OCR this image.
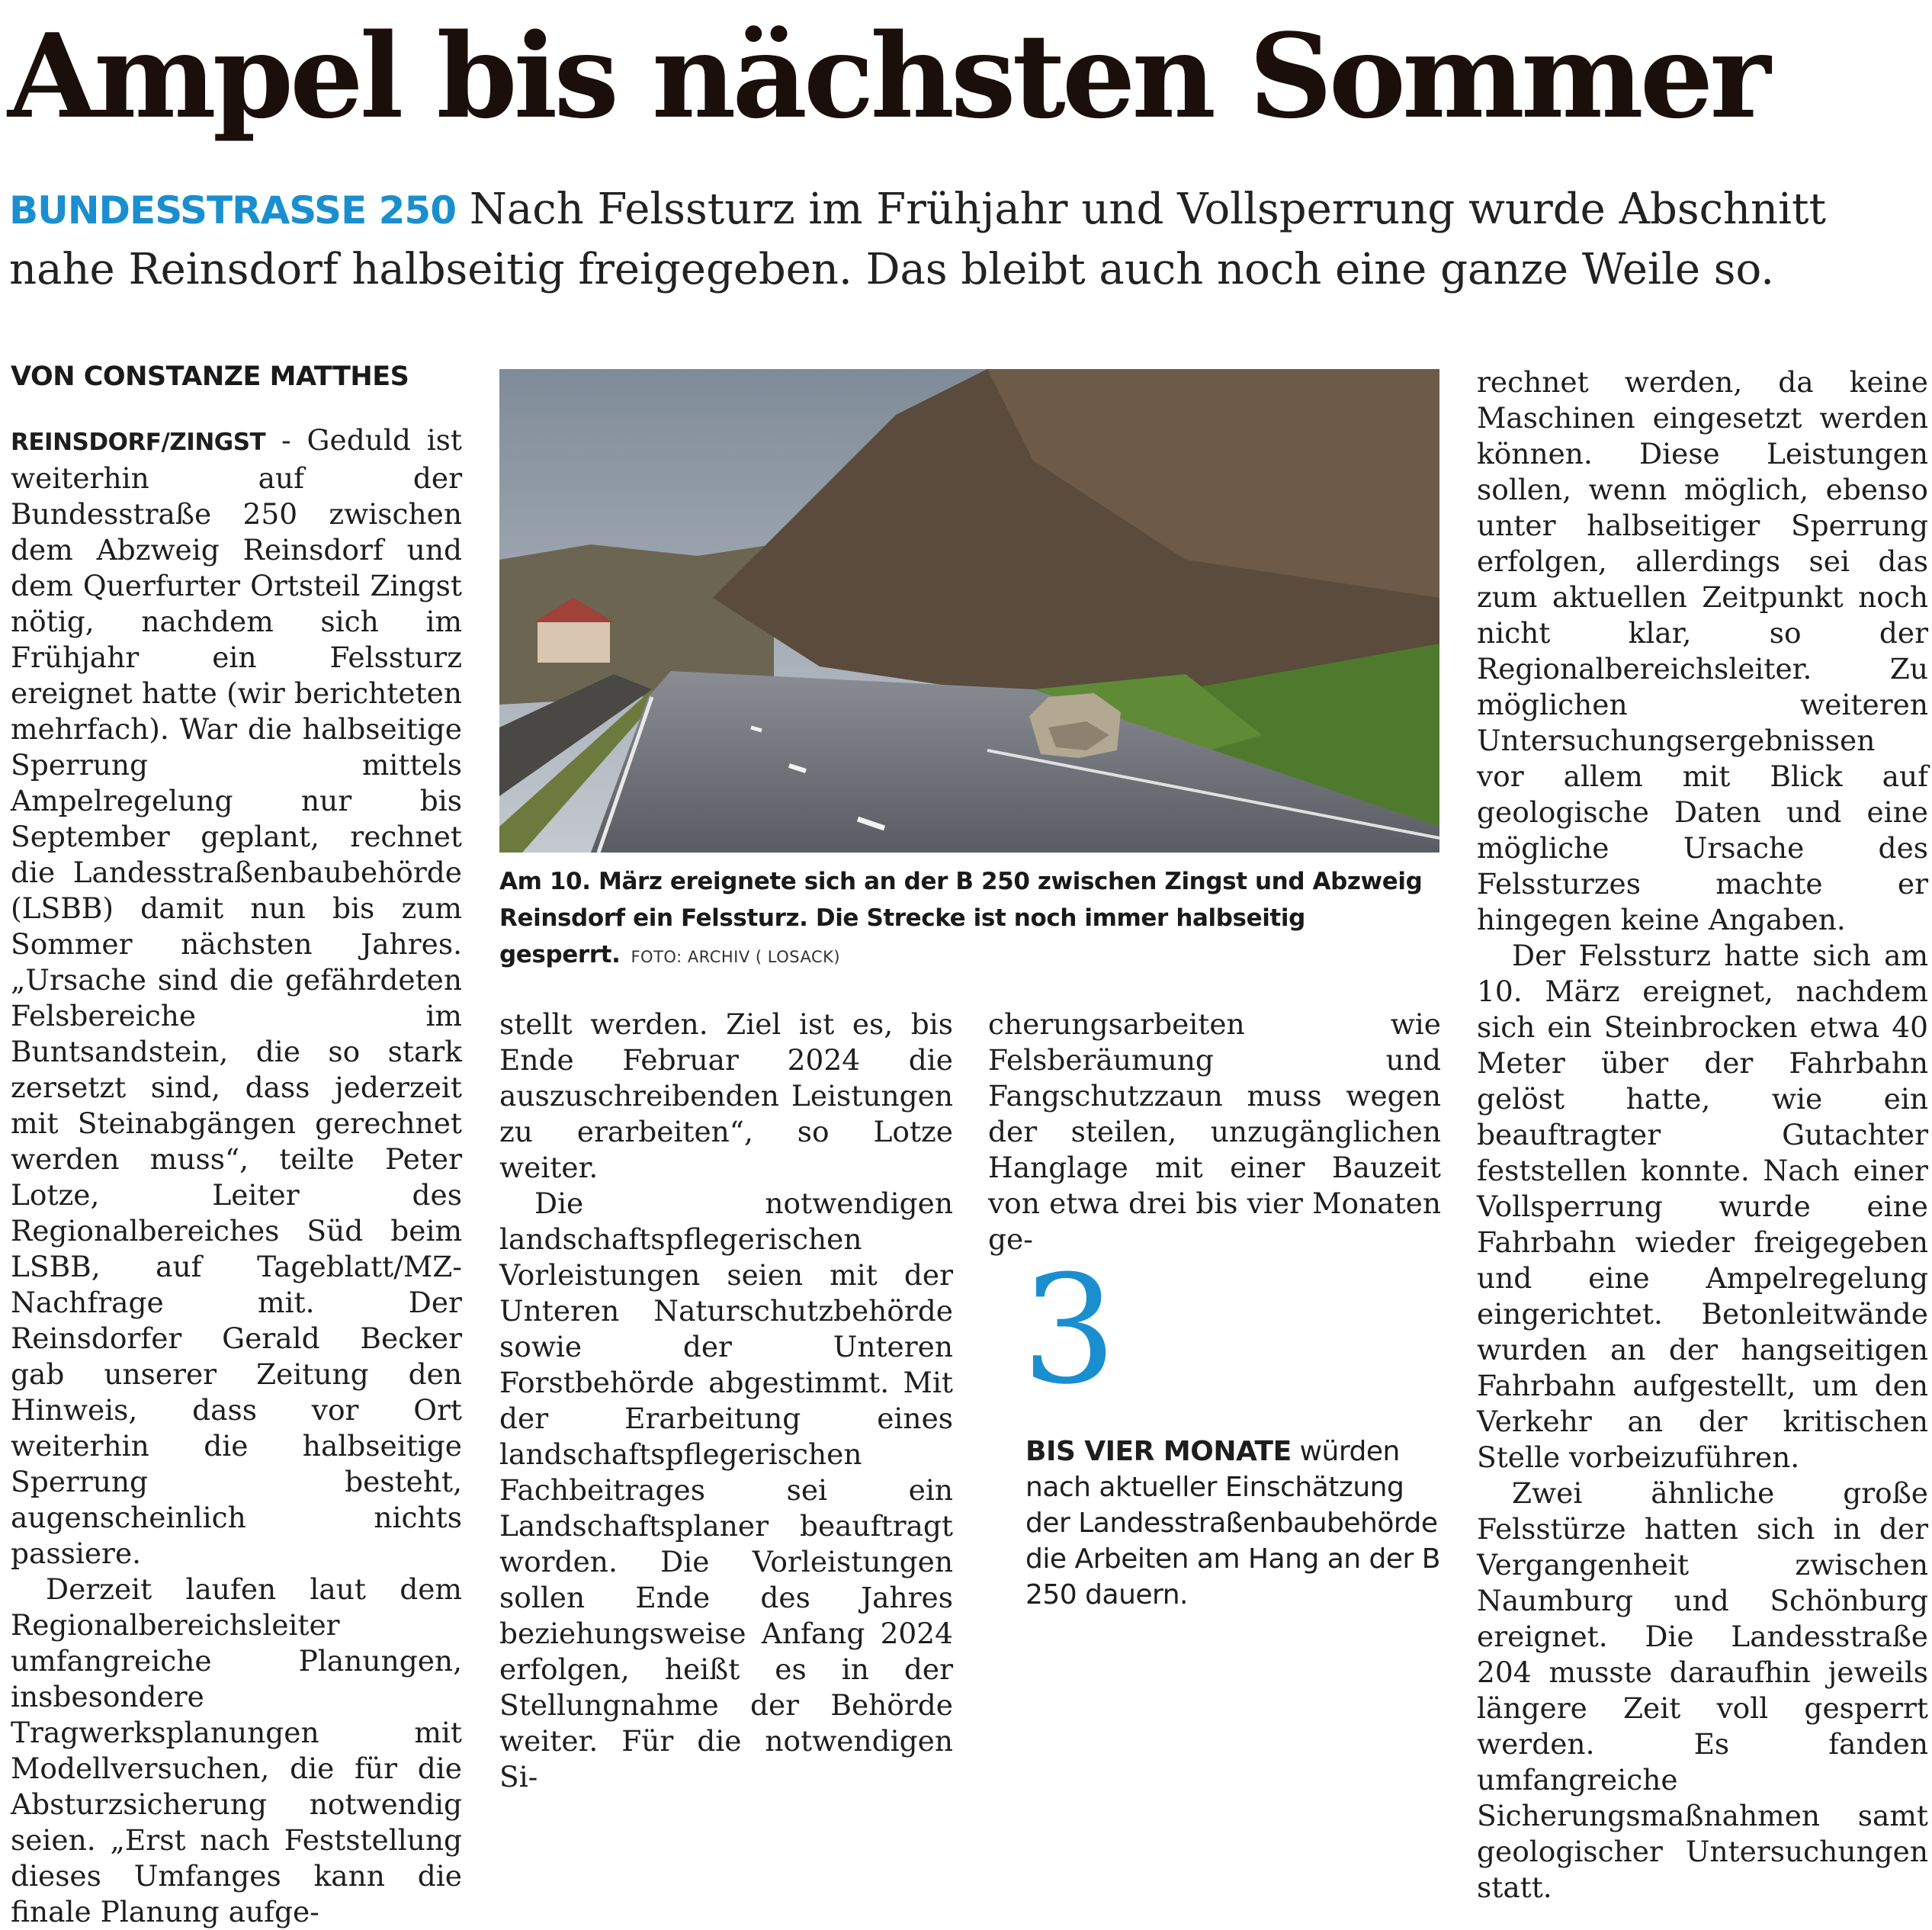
Ampel bis nächsten Sommer
BUNDESSTRASSE 250 Nach Felssturz im Frühjahr und Vollsperrung wurde Abschnitt nahe Reinsdorf halbseitig freigegeben. Das bleibt auch noch eine ganze Weile so.
VON CONSTANZE MATTHES

REINSDORF/ZINGST - Geduld ist weiterhin auf der Bundesstraße 250 zwischen dem Abzweig Reinsdorf und dem Querfurter Ortsteil Zingst nötig, nachdem sich im Frühjahr ein Felssturz ereignet hatte (wir berichteten mehrfach). War die halbseitige Sperrung mittels Ampelregelung nur bis September geplant, rechnet die Landesstraßenbaubehörde (LSBB) damit nun bis zum Sommer nächsten Jahres. „Ursache sind die gefährdeten Felsbereiche im Buntsandstein, die so stark zersetzt sind, dass jederzeit mit Steinabgängen gerechnet werden muss“, teilte Peter Lotze, Leiter des Regionalbereiches Süd beim LSBB, auf Tageblatt/MZ-Nachfrage mit. Der Reinsdorfer Gerald Becker gab unserer Zeitung den Hinweis, dass vor Ort weiterhin die halbseitige Sperrung besteht, augenscheinlich nichts passiere.

Derzeit laufen laut dem Regionalbereichsleiter umfangreiche Planungen, insbesondere Tragwerksplanungen mit Modellversuchen, die für die Absturzsicherung notwendig seien. „Erst nach Feststellung dieses Umfanges kann die finale Planung aufge-

Am 10. März ereignete sich an der B 250 zwischen Zingst und Abzweig Reinsdorf ein Felssturz. Die Strecke ist noch immer halbseitig gesperrt. FOTO: ARCHIV ( LOSACK)

stellt werden. Ziel ist es, bis Ende Februar 2024 die auszuschreibenden Leistungen zu erarbeiten“, so Lotze weiter.

Die notwendigen landschaftspflegerischen Vorleistungen seien mit der Unteren Naturschutzbehörde sowie der Unteren Forstbehörde abgestimmt. Mit der Erarbeitung eines landschaftspflegerischen Fachbeitrages sei ein Landschaftsplaner beauftragt worden. Die Vorleistungen sollen Ende des Jahres beziehungsweise Anfang 2024 erfolgen, heißt es in der Stellungnahme der Behörde weiter. Für die notwendigen Si-

cherungsarbeiten wie Felsberäumung und Fangschutzzaun muss wegen der steilen, unzugänglichen Hanglage mit einer Bauzeit von etwa drei bis vier Monaten ge-

3
BIS VIER MONATE würden nach aktueller Einschätzung der Landesstraßenbaubehörde die Arbeiten am Hang an der B 250 dauern.

rechnet werden, da keine Maschinen eingesetzt werden können. Diese Leistungen sollen, wenn möglich, ebenso unter halbseitiger Sperrung erfolgen, allerdings sei das zum aktuellen Zeitpunkt noch nicht klar, so der Regionalbereichsleiter. Zu möglichen weiteren Untersuchungsergebnissen vor allem mit Blick auf geologische Daten und eine mögliche Ursache des Felssturzes machte er hingegen keine Angaben.

Der Felssturz hatte sich am 10. März ereignet, nachdem sich ein Steinbrocken etwa 40 Meter über der Fahrbahn gelöst hatte, wie ein beauftragter Gutachter feststellen konnte. Nach einer Vollsperrung wurde eine Fahrbahn wieder freigegeben und eine Ampelregelung eingerichtet. Betonleitwände wurden an der hangseitigen Fahrbahn aufgestellt, um den Verkehr an der kritischen Stelle vorbeizuführen.

Zwei ähnliche große Felsstürze hatten sich in der Vergangenheit zwischen Naumburg und Schönburg ereignet. Die Landesstraße 204 musste daraufhin jeweils längere Zeit voll gesperrt werden. Es fanden umfangreiche Sicherungsmaßnahmen samt geologischer Untersuchungen statt.
